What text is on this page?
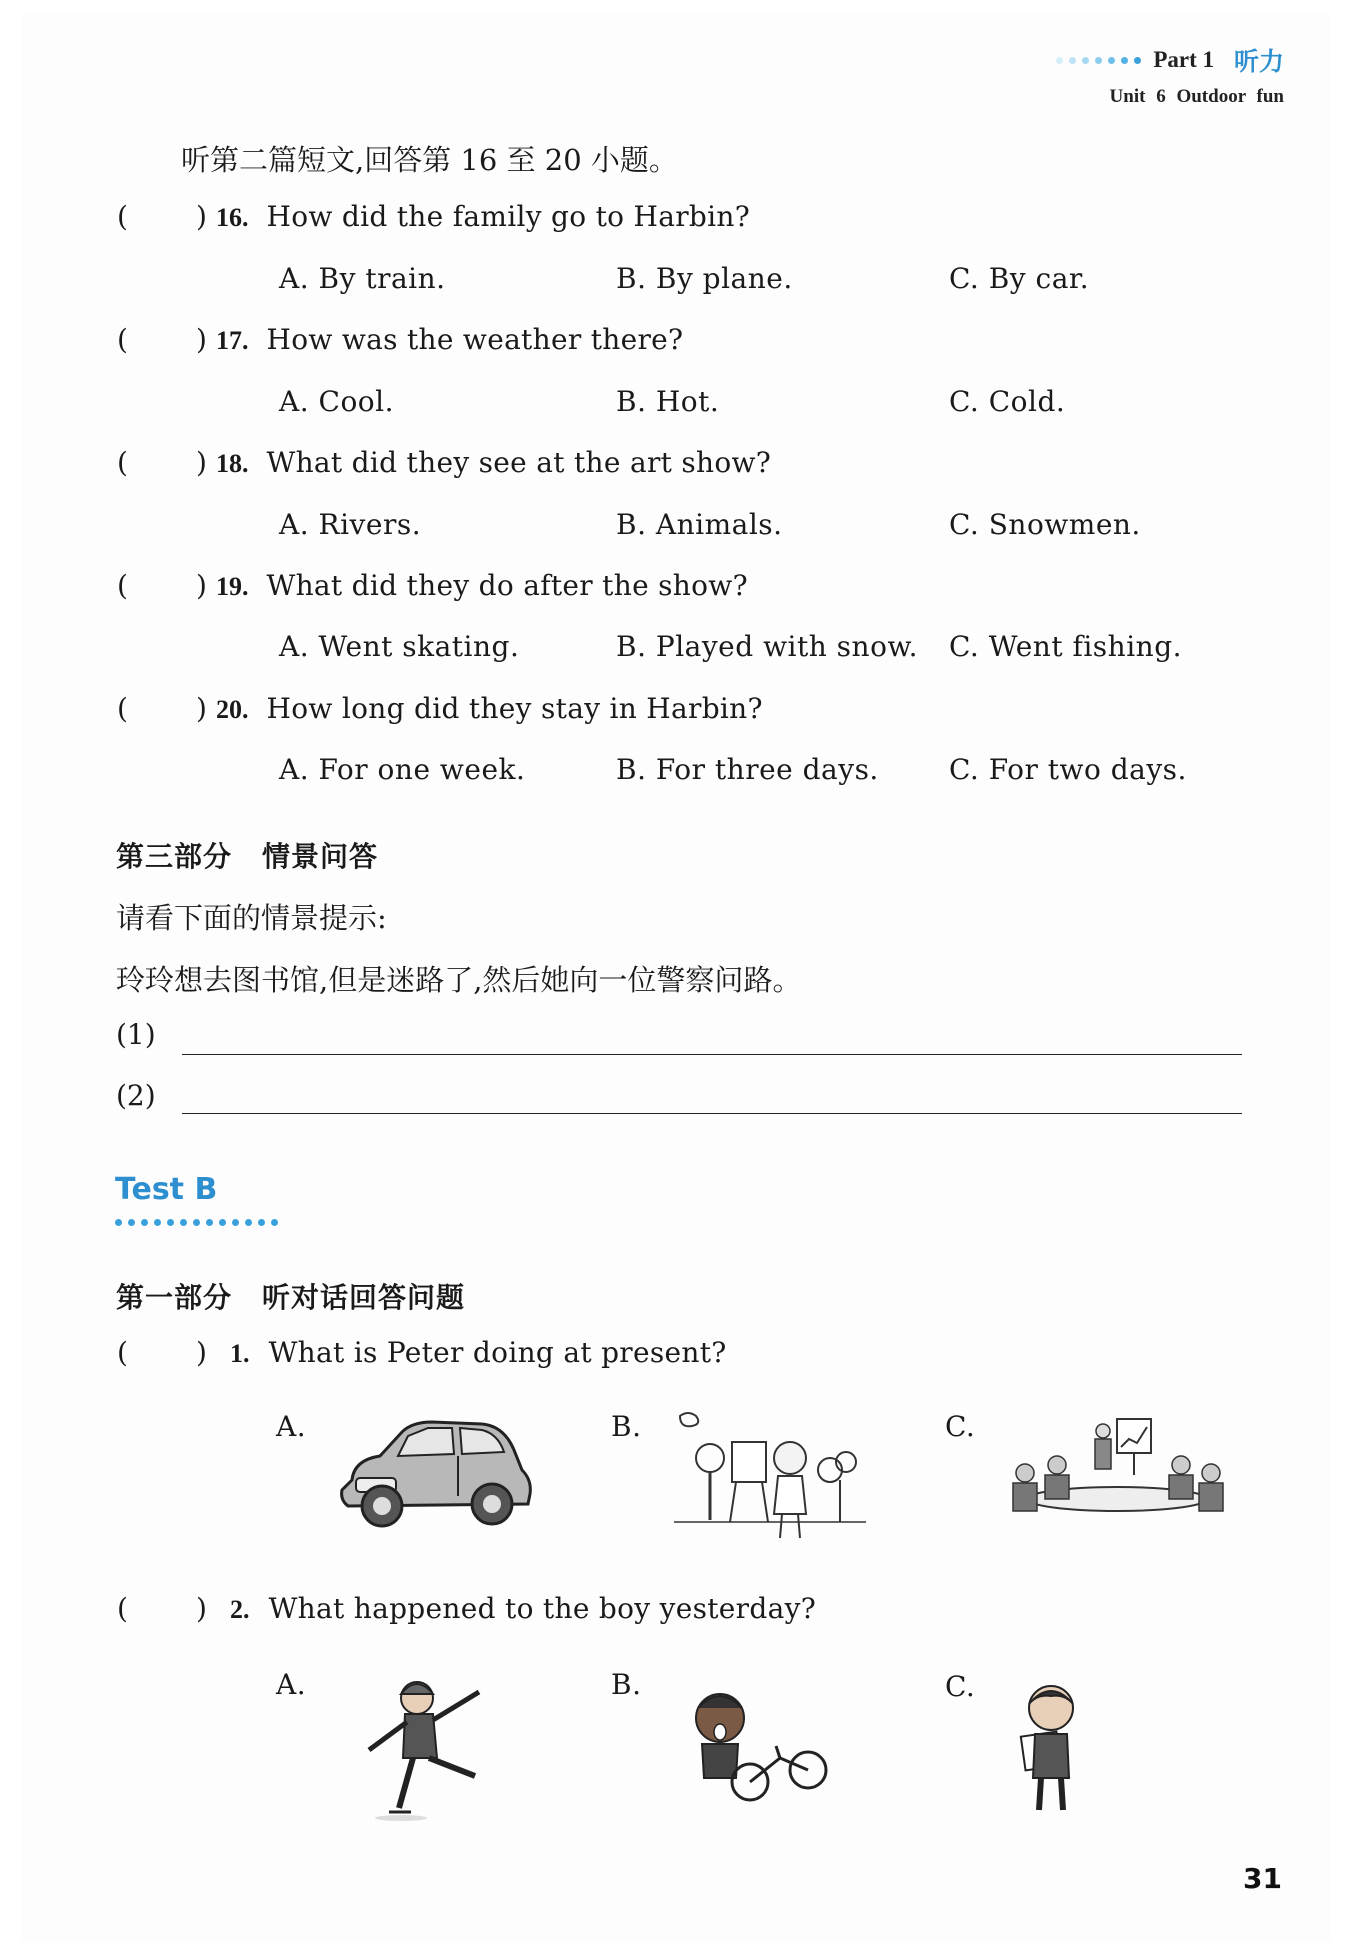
Part 1 听力
Unit 6 Outdoor fun
听第二篇短文,回答第 16 至 20 小题。
( ) 16. How did the family go to Harbin?
A. By train.	B. By plane.	C. By car.
( ) 17. How was the weather there?
A. Cool.	B. Hot.	C. Cold.
( ) 18. What did they see at the art show?
A. Rivers.	B. Animals.	C. Snowmen.
( ) 19. What did they do after the show?
A. Went skating.	B. Played with snow. C. Went fishing.
( ) 20. How long did they stay in Harbin?
A. For one week.	B. For three days.	C. For two days.
第三部分 情景问答
请看下面的情景提示:
玲玲想去图书馆,但是迷路了,然后她向一位警察问路。
(1)
(2)
Test B
第一部分 听对话回答问题
( ) 1. What is Peter doing at present?
A.	B.	C.
( ) 2. What happened to the boy yesterday?
A.	B.	C.
31
